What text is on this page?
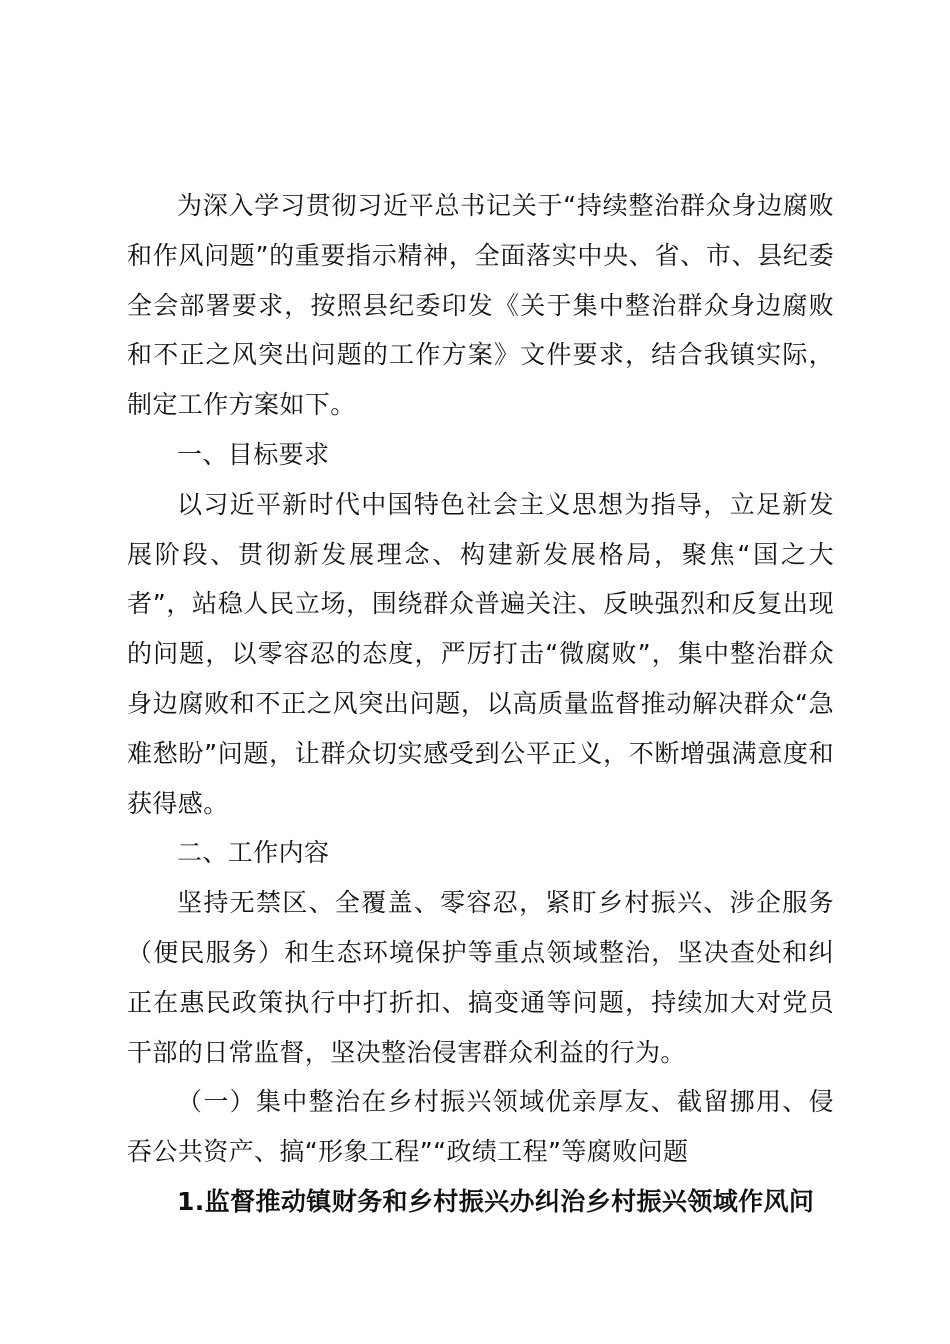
为深入学习贯彻习近平总书记关于“持续整治群众身边腐败和作风问题”的重要指示精神，全面落实中央、省、市、县纪委全会部署要求，按照县纪委印发《关于集中整治群众身边腐败和不正之风突出问题的工作方案》文件要求，结合我镇实际，制定工作方案如下。

一、目标要求

以习近平新时代中国特色社会主义思想为指导，立足新发展阶段、贯彻新发展理念、构建新发展格局，聚焦“国之大者”，站稳人民立场，围绕群众普遍关注、反映强烈和反复出现的问题，以零容忍的态度，严厉打击“微腐败”，集中整治群众身边腐败和不正之风突出问题，以高质量监督推动解决群众“急难愁盼”问题，让群众切实感受到公平正义，不断增强满意度和获得感。

二、工作内容

坚持无禁区、全覆盖、零容忍，紧盯乡村振兴、涉企服务（便民服务）和生态环境保护等重点领域整治，坚决查处和纠正在惠民政策执行中打折扣、搞变通等问题，持续加大对党员干部的日常监督，坚决整治侵害群众利益的行为。

（一）集中整治在乡村振兴领域优亲厚友、截留挪用、侵吞公共资产、搞“形象工程”“政绩工程”等腐败问题

1.监督推动镇财务和乡村振兴办纠治乡村振兴领域作风问
